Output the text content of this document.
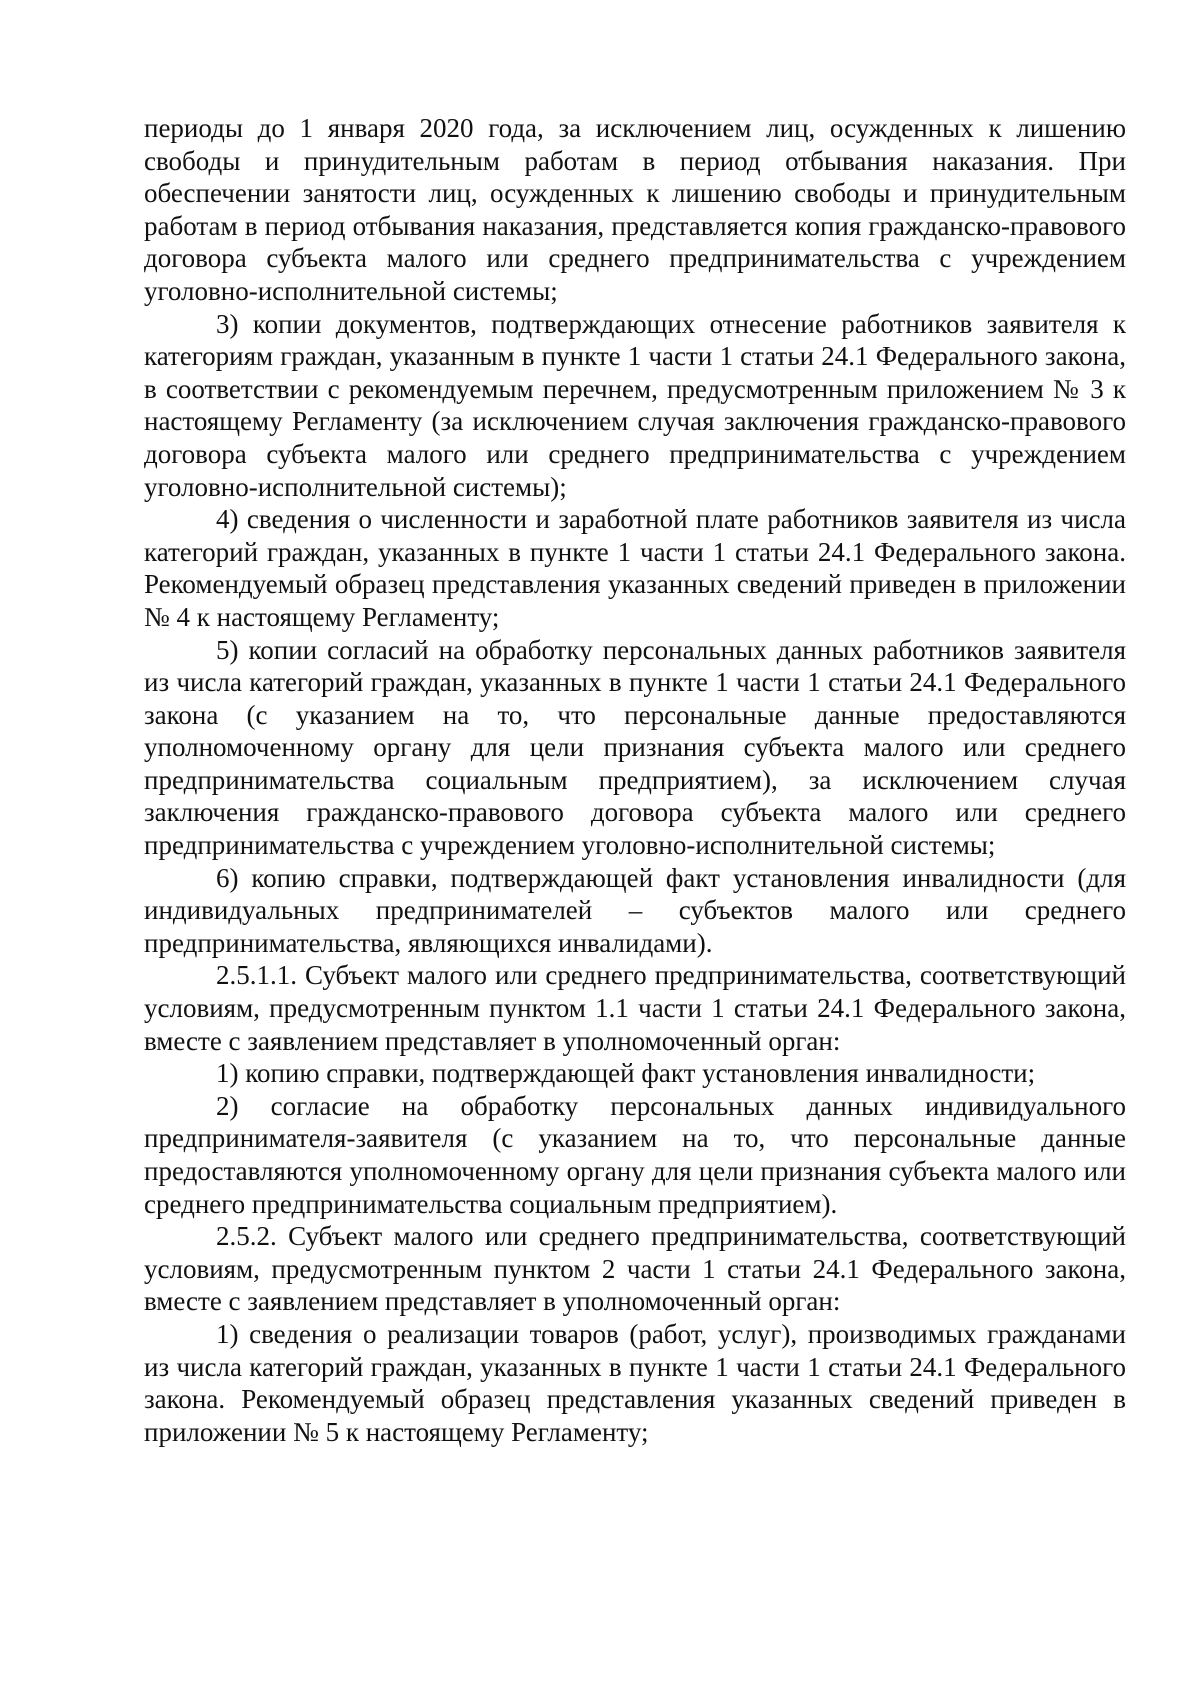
периоды до 1 января 2020 года, за исключением лиц, осужденных к лишению свободы и принудительным работам в период отбывания наказания. При обеспечении занятости лиц, осужденных к лишению свободы и принудительным работам в период отбывания наказания, представляется копия гражданско-правового договора субъекта малого или среднего предпринимательства с учреждением уголовно-исполнительной системы;

3) копии документов, подтверждающих отнесение работников заявителя к категориям граждан, указанным в пункте 1 части 1 статьи 24.1 Федерального закона, в соответствии с рекомендуемым перечнем, предусмотренным приложением № 3 к настоящему Регламенту (за исключением случая заключения гражданско-правового договора субъекта малого или среднего предпринимательства с учреждением уголовно-исполнительной системы);

4) сведения о численности и заработной плате работников заявителя из числа категорий граждан, указанных в пункте 1 части 1 статьи 24.1 Федерального закона. Рекомендуемый образец представления указанных сведений приведен в приложении № 4 к настоящему Регламенту;

5) копии согласий на обработку персональных данных работников заявителя из числа категорий граждан, указанных в пункте 1 части 1 статьи 24.1 Федерального закона (с указанием на то, что персональные данные предоставляются уполномоченному органу для цели признания субъекта малого или среднего предпринимательства социальным предприятием), за исключением случая заключения гражданско-правового договора субъекта малого или среднего предпринимательства с учреждением уголовно-исполнительной системы;

6) копию справки, подтверждающей факт установления инвалидности (для индивидуальных предпринимателей – субъектов малого или среднего предпринимательства, являющихся инвалидами).

2.5.1.1. Субъект малого или среднего предпринимательства, соответствующий условиям, предусмотренным пунктом 1.1 части 1 статьи 24.1 Федерального закона, вместе с заявлением представляет в уполномоченный орган:

1) копию справки, подтверждающей факт установления инвалидности;

2) согласие на обработку персональных данных индивидуального предпринимателя-заявителя (с указанием на то, что персональные данные предоставляются уполномоченному органу для цели признания субъекта малого или среднего предпринимательства социальным предприятием).

2.5.2. Субъект малого или среднего предпринимательства, соответствующий условиям, предусмотренным пунктом 2 части 1 статьи 24.1 Федерального закона, вместе с заявлением представляет в уполномоченный орган:

1) сведения о реализации товаров (работ, услуг), производимых гражданами из числа категорий граждан, указанных в пункте 1 части 1 статьи 24.1 Федерального закона. Рекомендуемый образец представления указанных сведений приведен в приложении № 5 к настоящему Регламенту;
